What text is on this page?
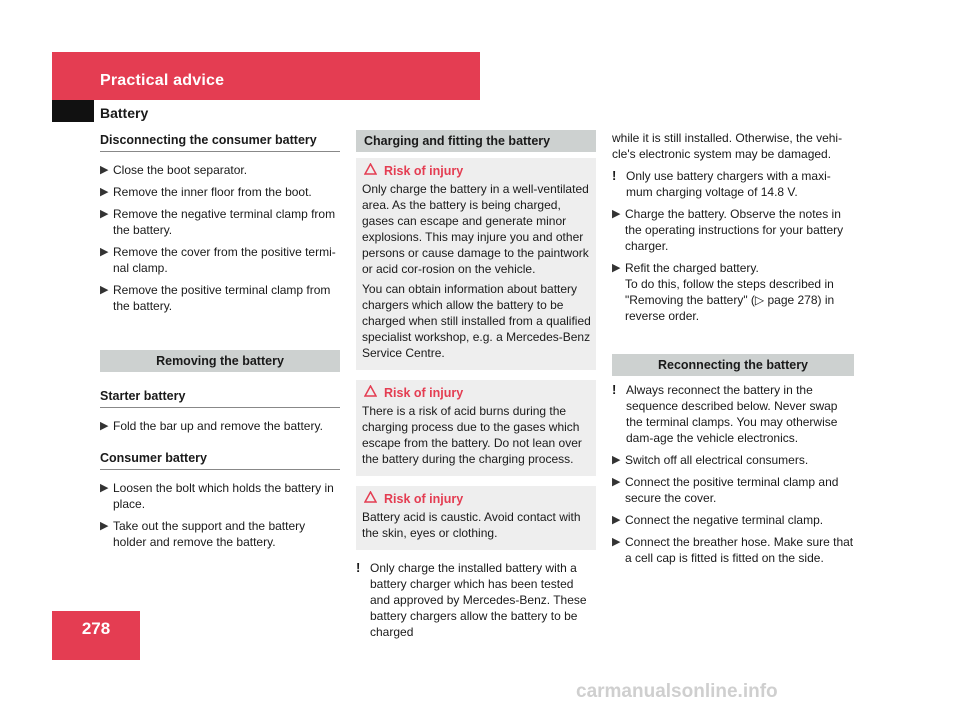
Practical advice
Battery
Disconnecting the consumer battery
▶ Close the boot separator.
▶ Remove the inner floor from the boot.
▶ Remove the negative terminal clamp from the battery.
▶ Remove the cover from the positive termi-nal clamp.
▶ Remove the positive terminal clamp from the battery.
Removing the battery
Starter battery
▶ Fold the bar up and remove the battery.
Consumer battery
▶ Loosen the bolt which holds the battery in place.
▶ Take out the support and the battery holder and remove the battery.
Charging and fitting the battery
Risk of injury

Only charge the battery in a well-ventilated area. As the battery is being charged, gases can escape and generate minor explosions. This may injure you and other persons or cause damage to the paintwork or acid cor-rosion on the vehicle.

You can obtain information about battery chargers which allow the battery to be charged when still installed from a qualified specialist workshop, e.g. a Mercedes-Benz Service Centre.

Risk of injury

There is a risk of acid burns during the charging process due to the gases which escape from the battery. Do not lean over the battery during the charging process.

Risk of injury

Battery acid is caustic. Avoid contact with the skin, eyes or clothing.

! Only charge the installed battery with a battery charger which has been tested and approved by Mercedes-Benz. These battery chargers allow the battery to be charged

while it is still installed. Otherwise, the vehi-cle's electronic system may be damaged.

! Only use battery chargers with a maxi-mum charging voltage of 14.8 V.
▶ Charge the battery. Observe the notes in the operating instructions for your battery charger.
▶ Refit the charged battery.
To do this, follow the steps described in "Removing the battery" (▷ page 278) in reverse order.
Reconnecting the battery
! Always reconnect the battery in the sequence described below. Never swap the terminal clamps. You may otherwise dam-age the vehicle electronics.
▶ Switch off all electrical consumers.
▶ Connect the positive terminal clamp and secure the cover.
▶ Connect the negative terminal clamp.
▶ Connect the breather hose. Make sure that a cell cap is fitted is fitted on the side.
278
carmanualsonline.info
